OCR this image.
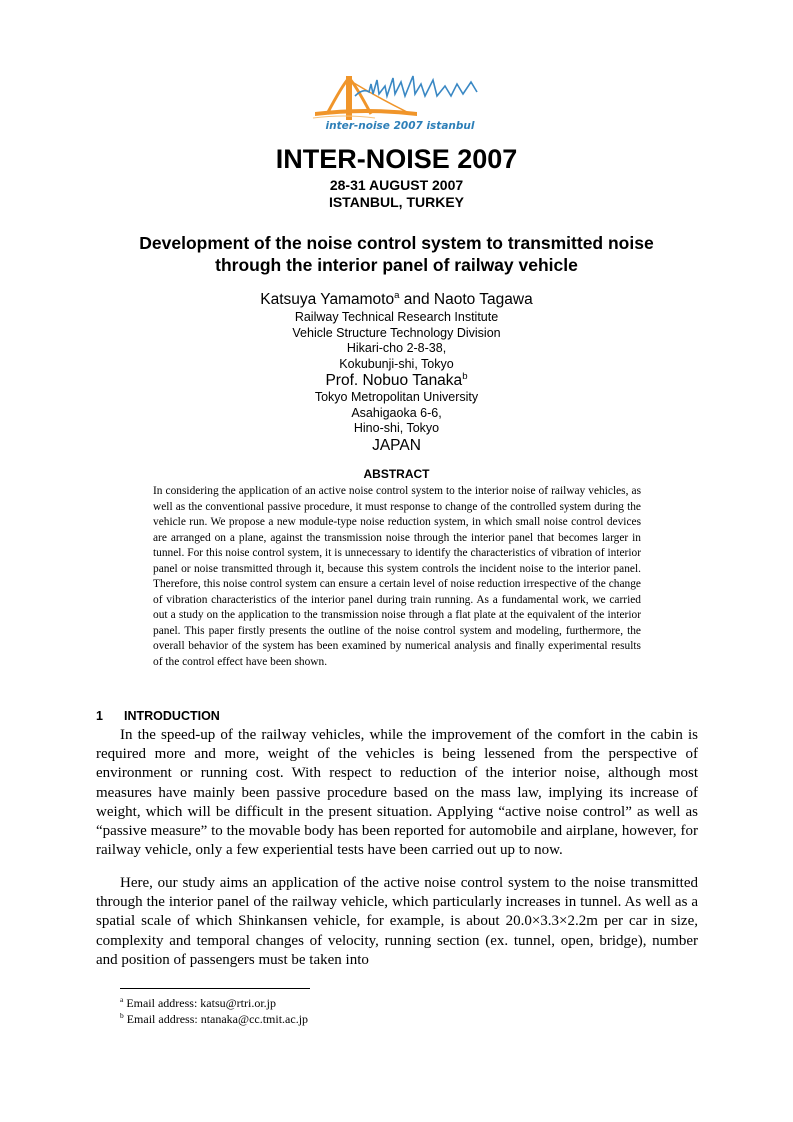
inter-noise 2007 istanbul
INTER-NOISE 2007
28-31 AUGUST 2007
ISTANBUL, TURKEY
Development of the noise control system to transmitted noise
through the interior panel of railway vehicle
Katsuya Yamamoto$^a$ and Naoto Tagawa
Railway Technical Research Institute
Vehicle Structure Technology Division
Hikari-cho 2-8-38,
Kokubunji-shi, Tokyo
Prof. Nobuo Tanaka$^b$
Tokyo Metropolitan University
Asahigaoka 6-6,
Hino-shi, Tokyo
JAPAN
ABSTRACT

In considering the application of an active noise control system to the interior noise of railway vehicles, as well as the conventional passive procedure, it must response to change of the controlled system during the vehicle run. We propose a new module-type noise reduction system, in which small noise control devices are arranged on a plane, against the transmission noise through the interior panel that becomes larger in tunnel. For this noise control system, it is unnecessary to identify the characteristics of vibration of interior panel or noise transmitted through it, because this system controls the incident noise to the interior panel. Therefore, this noise control system can ensure a certain level of noise reduction irrespective of the change of vibration characteristics of the interior panel during train running. As a fundamental work, we carried out a study on the application to the transmission noise through a flat plate at the equivalent of the interior panel. This paper firstly presents the outline of the noise control system and modeling, furthermore, the overall behavior of the system has been examined by numerical analysis and finally experimental results of the control effect have been shown.

1 INTRODUCTION

In the speed-up of the railway vehicles, while the improvement of the comfort in the cabin is required more and more, weight of the vehicles is being lessened from the perspective of environment or running cost. With respect to reduction of the interior noise, although most measures have mainly been passive procedure based on the mass law, implying its increase of weight, which will be difficult in the present situation. Applying “active noise control” as well as “passive measure” to the movable body has been reported for automobile and airplane, however, for railway vehicle, only a few experiential tests have been carried out up to now.

Here, our study aims an application of the active noise control system to the noise transmitted through the interior panel of the railway vehicle, which particularly increases in tunnel. As well as a spatial scale of which Shinkansen vehicle, for example, is about 20.0×3.3×2.2m per car in size, complexity and temporal changes of velocity, running section (ex. tunnel, open, bridge), number and position of passengers must be taken into

$^a$ Email address: katsu@rtri.or.jp
$^b$ Email address: ntanaka@cc.tmit.ac.jp
